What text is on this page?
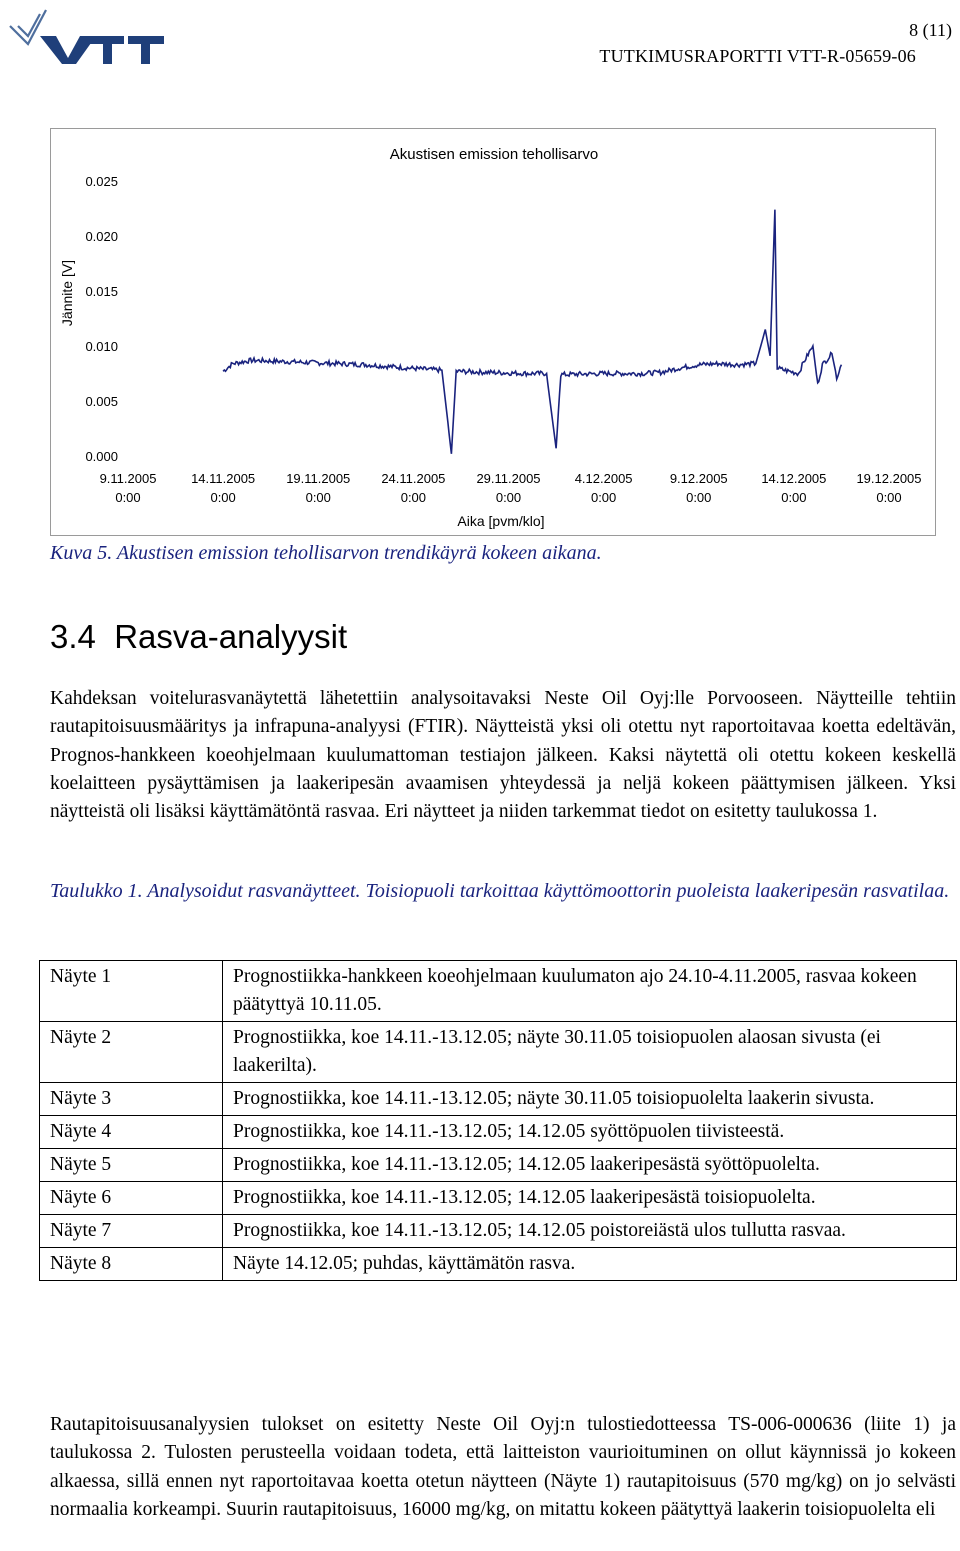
8 (11)
TUTKIMUSRAPORTTI VTT-R-05659-06
Akustisen emission tehollisarvo
Jännite [V]
Aika [pvm/klo]
0.000
0.005
0.010
0.015
0.020
0.025
9.11.2005 0:00
14.11.2005 0:00
19.11.2005 0:00
24.11.2005 0:00
29.11.2005 0:00
4.12.2005 0:00
9.12.2005 0:00
14.12.2005 0:00
19.12.2005 0:00
Kuva 5. Akustisen emission tehollisarvon trendikäyrä kokeen aikana.
3.4 Rasva-analyysit

Kahdeksan voitelurasvanäytettä lähetettiin analysoitavaksi Neste Oil Oyj:lle Porvooseen. Näytteille tehtiin rautapitoisuusmääritys ja infrapuna-analyysi (FTIR). Näytteistä yksi oli otettu nyt raportoitavaa koetta edeltävän, Prognos-hankkeen koeohjelmaan kuulumattoman testiajon jälkeen. Kaksi näytettä oli otettu kokeen keskellä koelaitteen pysäyttämisen ja laakeripesän avaamisen yhteydessä ja neljä kokeen päättymisen jälkeen. Yksi näytteistä oli lisäksi käyttämätöntä rasvaa. Eri näytteet ja niiden tarkemmat tiedot on esitetty taulukossa 1.

Taulukko 1. Analysoidut rasvanäytteet. Toisiopuoli tarkoittaa käyttömoottorin puoleista laakeripesän rasvatilaa.

Näyte 1	Prognostiikka-hankkeen koeohjelmaan kuulumaton ajo 24.10-4.11.2005, rasvaa kokeen päätyttyä 10.11.05.
Näyte 2	Prognostiikka, koe 14.11.-13.12.05; näyte 30.11.05 toisiopuolen alaosan sivusta (ei laakerilta).
Näyte 3	Prognostiikka, koe 14.11.-13.12.05; näyte 30.11.05 toisiopuolelta laakerin sivusta.
Näyte 4	Prognostiikka, koe 14.11.-13.12.05; 14.12.05 syöttöpuolen tiivisteestä.
Näyte 5	Prognostiikka, koe 14.11.-13.12.05; 14.12.05 laakeripesästä syöttöpuolelta.
Näyte 6	Prognostiikka, koe 14.11.-13.12.05; 14.12.05 laakeripesästä toisiopuolelta.
Näyte 7	Prognostiikka, koe 14.11.-13.12.05; 14.12.05 poistoreiästä ulos tullutta rasvaa.
Näyte 8	Näyte 14.12.05; puhdas, käyttämätön rasva.

Rautapitoisuusanalyysien tulokset on esitetty Neste Oil Oyj:n tulostiedotteessa TS-006-000636 (liite 1) ja taulukossa 2. Tulosten perusteella voidaan todeta, että laitteiston vaurioituminen on ollut käynnissä jo kokeen alkaessa, sillä ennen nyt raportoitavaa koetta otetun näytteen (Näyte 1) rautapitoisuus (570 mg/kg) on jo selvästi normaalia korkeampi. Suurin rautapitoisuus, 16000 mg/kg, on mitattu kokeen päätyttyä laakerin toisiopuolelta eli
